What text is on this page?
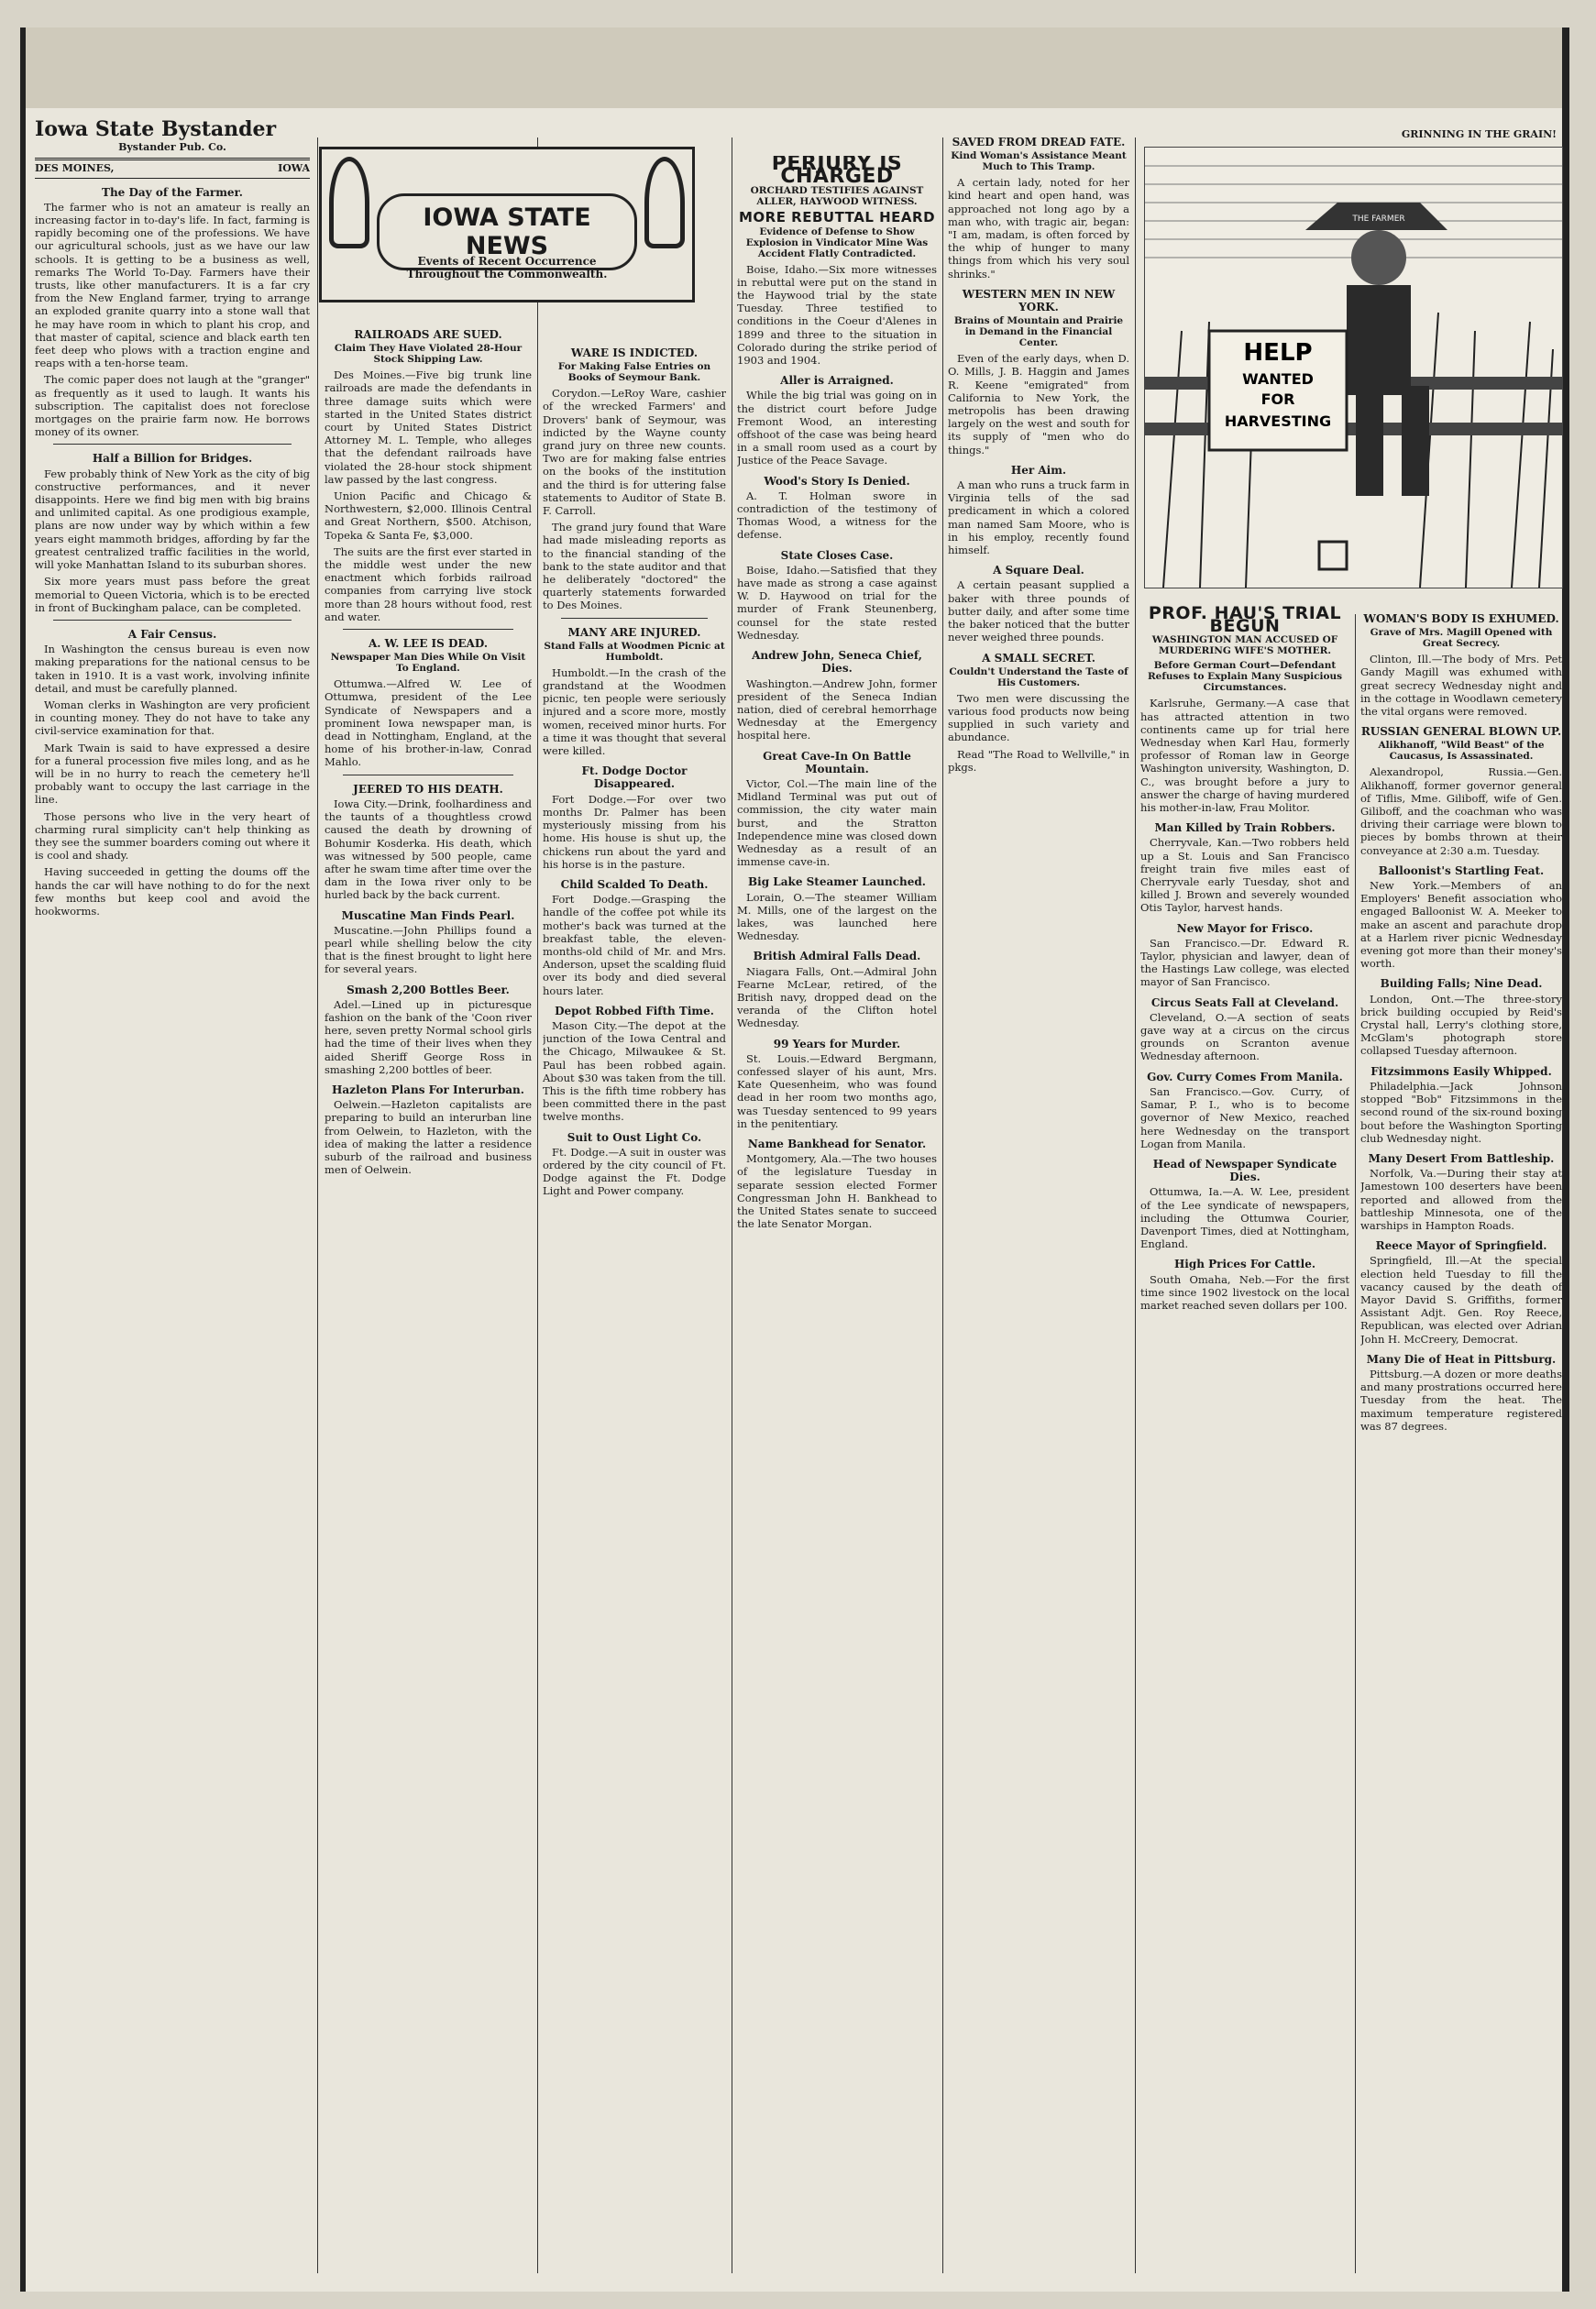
Iowa State Bystander
Bystander Pub. Co.
DES MOINES,	IOWA
The Day of the Farmer.

The farmer who is not an amateur is really an increasing factor in to-day's life. In fact, farming is rapidly becoming one of the professions. We have our agricultural schools, just as we have our law schools. It is getting to be a business as well, remarks The World To-Day. Farmers have their trusts, like other manufacturers. It is a far cry from the New England farmer, trying to arrange an exploded granite quarry into a stone wall that he may have room in which to plant his crop, and that master of capital, science and black earth ten feet deep who plows with a traction engine and reaps with a ten-horse team.

The comic paper does not laugh at the "granger" as frequently as it used to laugh. It wants his subscription. The capitalist does not foreclose mortgages on the prairie farm now. He borrows money of its owner.

Half a Billion for Bridges.

Few probably think of New York as the city of big constructive performances, and it never disappoints. Here we find big men with big brains and unlimited capital. As one prodigious example, plans are now under way by which within a few years eight mammoth bridges, affording by far the greatest centralized traffic facilities in the world, will yoke Manhattan Island to its suburban shores.

Six more years must pass before the great memorial to Queen Victoria, which is to be erected in front of Buckingham palace, can be completed.

A Fair Census.

In Washington the census bureau is even now making preparations for the national census to be taken in 1910. It is a vast work, involving infinite detail, and must be carefully planned.

Woman clerks in Washington are very proficient in counting money. They do not have to take any civil-service examination for that.

Mark Twain is said to have expressed a desire for a funeral procession five miles long, and as he will be in no hurry to reach the cemetery he'll probably want to occupy the last carriage in the line.

Those persons who live in the very heart of charming rural simplicity can't help thinking as they see the summer boarders coming out where it is cool and shady.

Having succeeded in getting the doums off the hands the car will have nothing to do for the next few months but keep cool and avoid the hookworms.

IOWA STATE NEWS
Events of Recent Occurrence Throughout the Commonwealth.
RAILROADS ARE SUED.
Claim They Have Violated 28-Hour Stock Shipping Law.

Des Moines.—Five big trunk line railroads are made the defendants in three damage suits which were started in the United States district court by United States District Attorney M. L. Temple, who alleges that the defendant railroads have violated the 28-hour stock shipment law passed by the last congress.

Union Pacific and Chicago & Northwestern, $2,000. Illinois Central and Great Northern, $500. Atchison, Topeka & Santa Fe, $3,000.

The suits are the first ever started in the middle west under the new enactment which forbids railroad companies from carrying live stock more than 28 hours without food, rest and water.

A. W. LEE IS DEAD.
Newspaper Man Dies While On Visit To England.

Ottumwa.—Alfred W. Lee of Ottumwa, president of the Lee Syndicate of Newspapers and a prominent Iowa newspaper man, is dead in Nottingham, England, at the home of his brother-in-law, Conrad Mahlo.

JEERED TO HIS DEATH.

Iowa City.—Drink, foolhardiness and the taunts of a thoughtless crowd caused the death by drowning of Bohumir Kosderka. His death, which was witnessed by 500 people, came after he swam time after time over the dam in the Iowa river only to be hurled back by the back current.

Muscatine Man Finds Pearl.

Muscatine.—John Phillips found a pearl while shelling below the city that is the finest brought to light here for several years.

Smash 2,200 Bottles Beer.

Adel.—Lined up in picturesque fashion on the bank of the 'Coon river here, seven pretty Normal school girls had the time of their lives when they aided Sheriff George Ross in smashing 2,200 bottles of beer.

Hazleton Plans For Interurban.

Oelwein.—Hazleton capitalists are preparing to build an interurban line from Oelwein, to Hazleton, with the idea of making the latter a residence suburb of the railroad and business men of Oelwein.

WARE IS INDICTED.
For Making False Entries on Books of Seymour Bank.

Corydon.—LeRoy Ware, cashier of the wrecked Farmers' and Drovers' bank of Seymour, was indicted by the Wayne county grand jury on three new counts. Two are for making false entries on the books of the institution and the third is for uttering false statements to Auditor of State B. F. Carroll.

The grand jury found that Ware had made misleading reports as to the financial standing of the bank to the state auditor and that he deliberately "doctored" the quarterly statements forwarded to Des Moines.

MANY ARE INJURED.
Stand Falls at Woodmen Picnic at Humboldt.

Humboldt.—In the crash of the grandstand at the Woodmen picnic, ten people were seriously injured and a score more, mostly women, received minor hurts. For a time it was thought that several were killed.

Ft. Dodge Doctor Disappeared.

Fort Dodge.—For over two months Dr. Palmer has been mysteriously missing from his home. His house is shut up, the chickens run about the yard and his horse is in the pasture.

Child Scalded To Death.

Fort Dodge.—Grasping the handle of the coffee pot while its mother's back was turned at the breakfast table, the eleven-months-old child of Mr. and Mrs. Anderson, upset the scalding fluid over its body and died several hours later.

Depot Robbed Fifth Time.

Mason City.—The depot at the junction of the Iowa Central and the Chicago, Milwaukee & St. Paul has been robbed again. About $30 was taken from the till. This is the fifth time robbery has been committed there in the past twelve months.

Suit to Oust Light Co.

Ft. Dodge.—A suit in ouster was ordered by the city council of Ft. Dodge against the Ft. Dodge Light and Power company.

PERJURY IS CHARGED
ORCHARD TESTIFIES AGAINST ALLER, HAYWOOD WITNESS.
MORE REBUTTAL HEARD
Evidence of Defense to Show Explosion in Vindicator Mine Was Accident Flatly Contradicted.

Boise, Idaho.—Six more witnesses in rebuttal were put on the stand in the Haywood trial by the state Tuesday. Three testified to conditions in the Coeur d'Alenes in 1899 and three to the situation in Colorado during the strike period of 1903 and 1904.

Aller is Arraigned.

While the big trial was going on in the district court before Judge Fremont Wood, an interesting offshoot of the case was being heard in a small room used as a court by Justice of the Peace Savage.

Wood's Story Is Denied.

A. T. Holman swore in contradiction of the testimony of Thomas Wood, a witness for the defense.

State Closes Case.

Boise, Idaho.—Satisfied that they have made as strong a case against W. D. Haywood on trial for the murder of Frank Steunenberg, counsel for the state rested Wednesday.

Andrew John, Seneca Chief, Dies.

Washington.—Andrew John, former president of the Seneca Indian nation, died of cerebral hemorrhage Wednesday at the Emergency hospital here.

Great Cave-In On Battle Mountain.

Victor, Col.—The main line of the Midland Terminal was put out of commission, the city water main burst, and the Stratton Independence mine was closed down Wednesday as a result of an immense cave-in.

Big Lake Steamer Launched.

Lorain, O.—The steamer William M. Mills, one of the largest on the lakes, was launched here Wednesday.

British Admiral Falls Dead.

Niagara Falls, Ont.—Admiral John Fearne McLear, retired, of the British navy, dropped dead on the veranda of the Clifton hotel Wednesday.

99 Years for Murder.

St. Louis.—Edward Bergmann, confessed slayer of his aunt, Mrs. Kate Quesenheim, who was found dead in her room two months ago, was Tuesday sentenced to 99 years in the penitentiary.

Name Bankhead for Senator.

Montgomery, Ala.—The two houses of the legislature Tuesday in separate session elected Former Congressman John H. Bankhead to the United States senate to succeed the late Senator Morgan.

SAVED FROM DREAD FATE.
Kind Woman's Assistance Meant Much to This Tramp.

A certain lady, noted for her kind heart and open hand, was approached not long ago by a man who, with tragic air, began: "I am, madam, is often forced by the whip of hunger to many things from which his very soul shrinks."

WESTERN MEN IN NEW YORK.
Brains of Mountain and Prairie in Demand in the Financial Center.

Even of the early days, when D. O. Mills, J. B. Haggin and James R. Keene "emigrated" from California to New York, the metropolis has been drawing largely on the west and south for its supply of "men who do things."

Her Aim.

A man who runs a truck farm in Virginia tells of the sad predicament in which a colored man named Sam Moore, who is in his employ, recently found himself.

A Square Deal.

A certain peasant supplied a baker with three pounds of butter daily, and after some time the baker noticed that the butter never weighed three pounds.

A SMALL SECRET.
Couldn't Understand the Taste of His Customers.

Two men were discussing the various food products now being supplied in such variety and abundance.

Read "The Road to Wellville," in pkgs.

GRINNING IN THE GRAIN!
HELP
WANTED
FOR
HARVESTING
THE FARMER
PROF. HAU'S TRIAL BEGUN
WASHINGTON MAN ACCUSED OF MURDERING WIFE'S MOTHER.
Before German Court—Defendant Refuses to Explain Many Suspicious Circumstances.

Karlsruhe, Germany.—A case that has attracted attention in two continents came up for trial here Wednesday when Karl Hau, formerly professor of Roman law in George Washington university, Washington, D. C., was brought before a jury to answer the charge of having murdered his mother-in-law, Frau Molitor.

Man Killed by Train Robbers.

Cherryvale, Kan.—Two robbers held up a St. Louis and San Francisco freight train five miles east of Cherryvale early Tuesday, shot and killed J. Brown and severely wounded Otis Taylor, harvest hands.

New Mayor for Frisco.

San Francisco.—Dr. Edward R. Taylor, physician and lawyer, dean of the Hastings Law college, was elected mayor of San Francisco.

Circus Seats Fall at Cleveland.

Cleveland, O.—A section of seats gave way at a circus on the circus grounds on Scranton avenue Wednesday afternoon.

Gov. Curry Comes From Manila.

San Francisco.—Gov. Curry, of Samar, P. I., who is to become governor of New Mexico, reached here Wednesday on the transport Logan from Manila.

Head of Newspaper Syndicate Dies.

Ottumwa, Ia.—A. W. Lee, president of the Lee syndicate of newspapers, including the Ottumwa Courier, Davenport Times, died at Nottingham, England.

High Prices For Cattle.

South Omaha, Neb.—For the first time since 1902 livestock on the local market reached seven dollars per 100.

WOMAN'S BODY IS EXHUMED.
Grave of Mrs. Magill Opened with Great Secrecy.

Clinton, Ill.—The body of Mrs. Pet Gandy Magill was exhumed with great secrecy Wednesday night and in the cottage in Woodlawn cemetery the vital organs were removed.

RUSSIAN GENERAL BLOWN UP.
Alikhanoff, "Wild Beast" of the Caucasus, Is Assassinated.

Alexandropol, Russia.—Gen. Alikhanoff, former governor general of Tiflis, Mme. Giliboff, wife of Gen. Giliboff, and the coachman who was driving their carriage were blown to pieces by bombs thrown at their conveyance at 2:30 a.m. Tuesday.

Balloonist's Startling Feat.

New York.—Members of an Employers' Benefit association who engaged Balloonist W. A. Meeker to make an ascent and parachute drop at a Harlem river picnic Wednesday evening got more than their money's worth.

Building Falls; Nine Dead.

London, Ont.—The three-story brick building occupied by Reid's Crystal hall, Lerry's clothing store, McGlam's photograph store collapsed Tuesday afternoon.

Fitzsimmons Easily Whipped.

Philadelphia.—Jack Johnson stopped "Bob" Fitzsimmons in the second round of the six-round boxing bout before the Washington Sporting club Wednesday night.

Many Desert From Battleship.

Norfolk, Va.—During their stay at Jamestown 100 deserters have been reported and allowed from the battleship Minnesota, one of the warships in Hampton Roads.

Reece Mayor of Springfield.

Springfield, Ill.—At the special election held Tuesday to fill the vacancy caused by the death of Mayor David S. Griffiths, former Assistant Adjt. Gen. Roy Reece, Republican, was elected over Adrian John H. McCreery, Democrat.

Many Die of Heat in Pittsburg.

Pittsburg.—A dozen or more deaths and many prostrations occurred here Tuesday from the heat. The maximum temperature registered was 87 degrees.
